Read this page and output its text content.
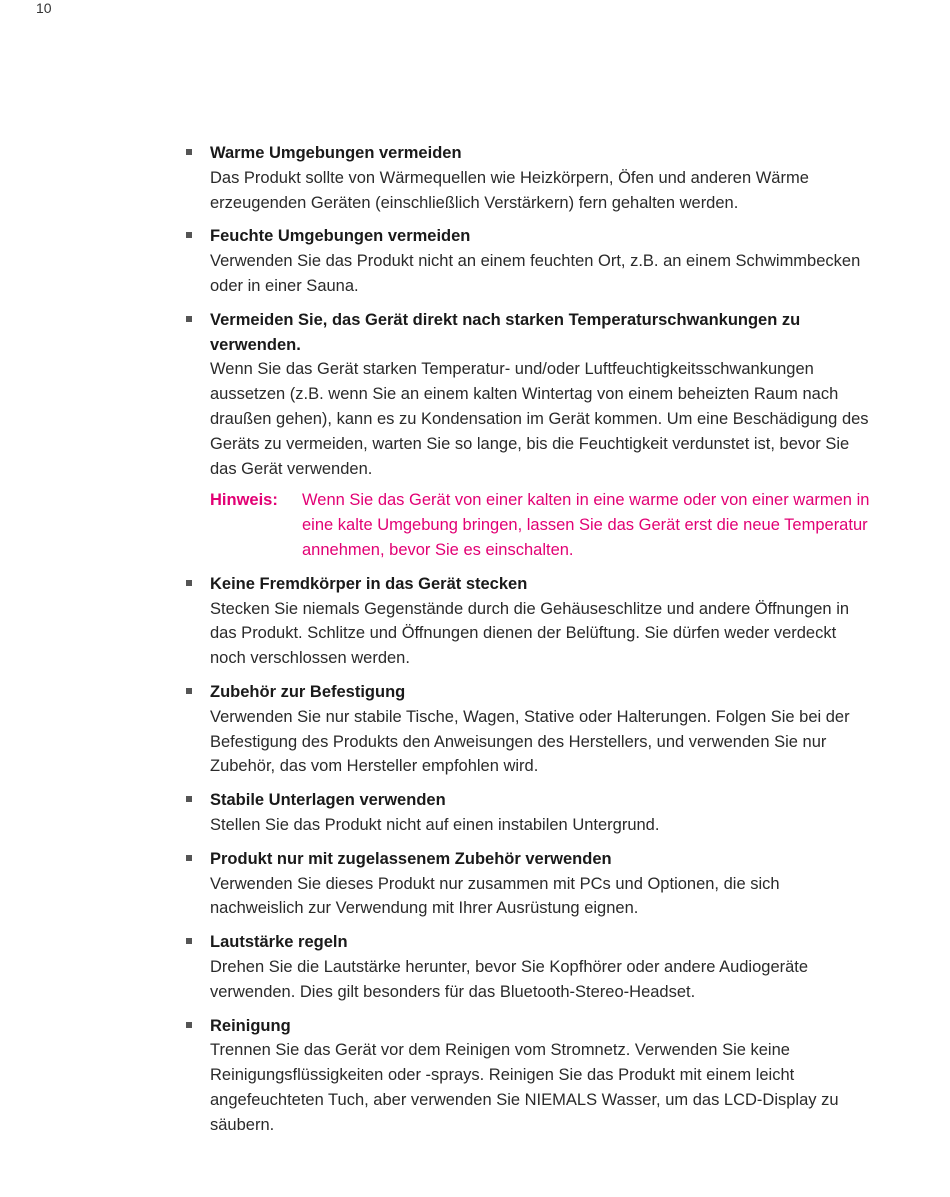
10
Warme Umgebungen vermeiden
Das Produkt sollte von Wärmequellen wie Heizkörpern, Öfen und anderen Wärme erzeugenden Geräten (einschließlich Verstärkern) fern gehalten werden.
Feuchte Umgebungen vermeiden
Verwenden Sie das Produkt nicht an einem feuchten Ort, z.B. an einem Schwimmbecken oder in einer Sauna.
Vermeiden Sie, das Gerät direkt nach starken Temperaturschwankungen zu verwenden.
Wenn Sie das Gerät starken Temperatur- und/oder Luftfeuchtigkeitsschwankungen aussetzen (z.B. wenn Sie an einem kalten Wintertag von einem beheizten Raum nach draußen gehen), kann es zu Kondensation im Gerät kommen. Um eine Beschädigung des Geräts zu vermeiden, warten Sie so lange, bis die Feuchtigkeit verdunstet ist, bevor Sie das Gerät verwenden.
Hinweis:	Wenn Sie das Gerät von einer kalten in eine warme oder von einer warmen in eine kalte Umgebung bringen, lassen Sie das Gerät erst die neue Temperatur annehmen, bevor Sie es einschalten.
Keine Fremdkörper in das Gerät stecken
Stecken Sie niemals Gegenstände durch die Gehäuseschlitze und andere Öffnungen in das Produkt. Schlitze und Öffnungen dienen der Belüftung. Sie dürfen weder verdeckt noch verschlossen werden.
Zubehör zur Befestigung
Verwenden Sie nur stabile Tische, Wagen, Stative oder Halterungen. Folgen Sie bei der Befestigung des Produkts den Anweisungen des Herstellers, und verwenden Sie nur Zubehör, das vom Hersteller empfohlen wird.
Stabile Unterlagen verwenden
Stellen Sie das Produkt nicht auf einen instabilen Untergrund.
Produkt nur mit zugelassenem Zubehör verwenden
Verwenden Sie dieses Produkt nur zusammen mit PCs und Optionen, die sich nachweislich zur Verwendung mit Ihrer Ausrüstung eignen.
Lautstärke regeln
Drehen Sie die Lautstärke herunter, bevor Sie Kopfhörer oder andere Audiogeräte verwenden. Dies gilt besonders für das Bluetooth-Stereo-Headset.
Reinigung
Trennen Sie das Gerät vor dem Reinigen vom Stromnetz. Verwenden Sie keine Reinigungsflüssigkeiten oder -sprays. Reinigen Sie das Produkt mit einem leicht angefeuchteten Tuch, aber verwenden Sie NIEMALS Wasser, um das LCD-Display zu säubern.
